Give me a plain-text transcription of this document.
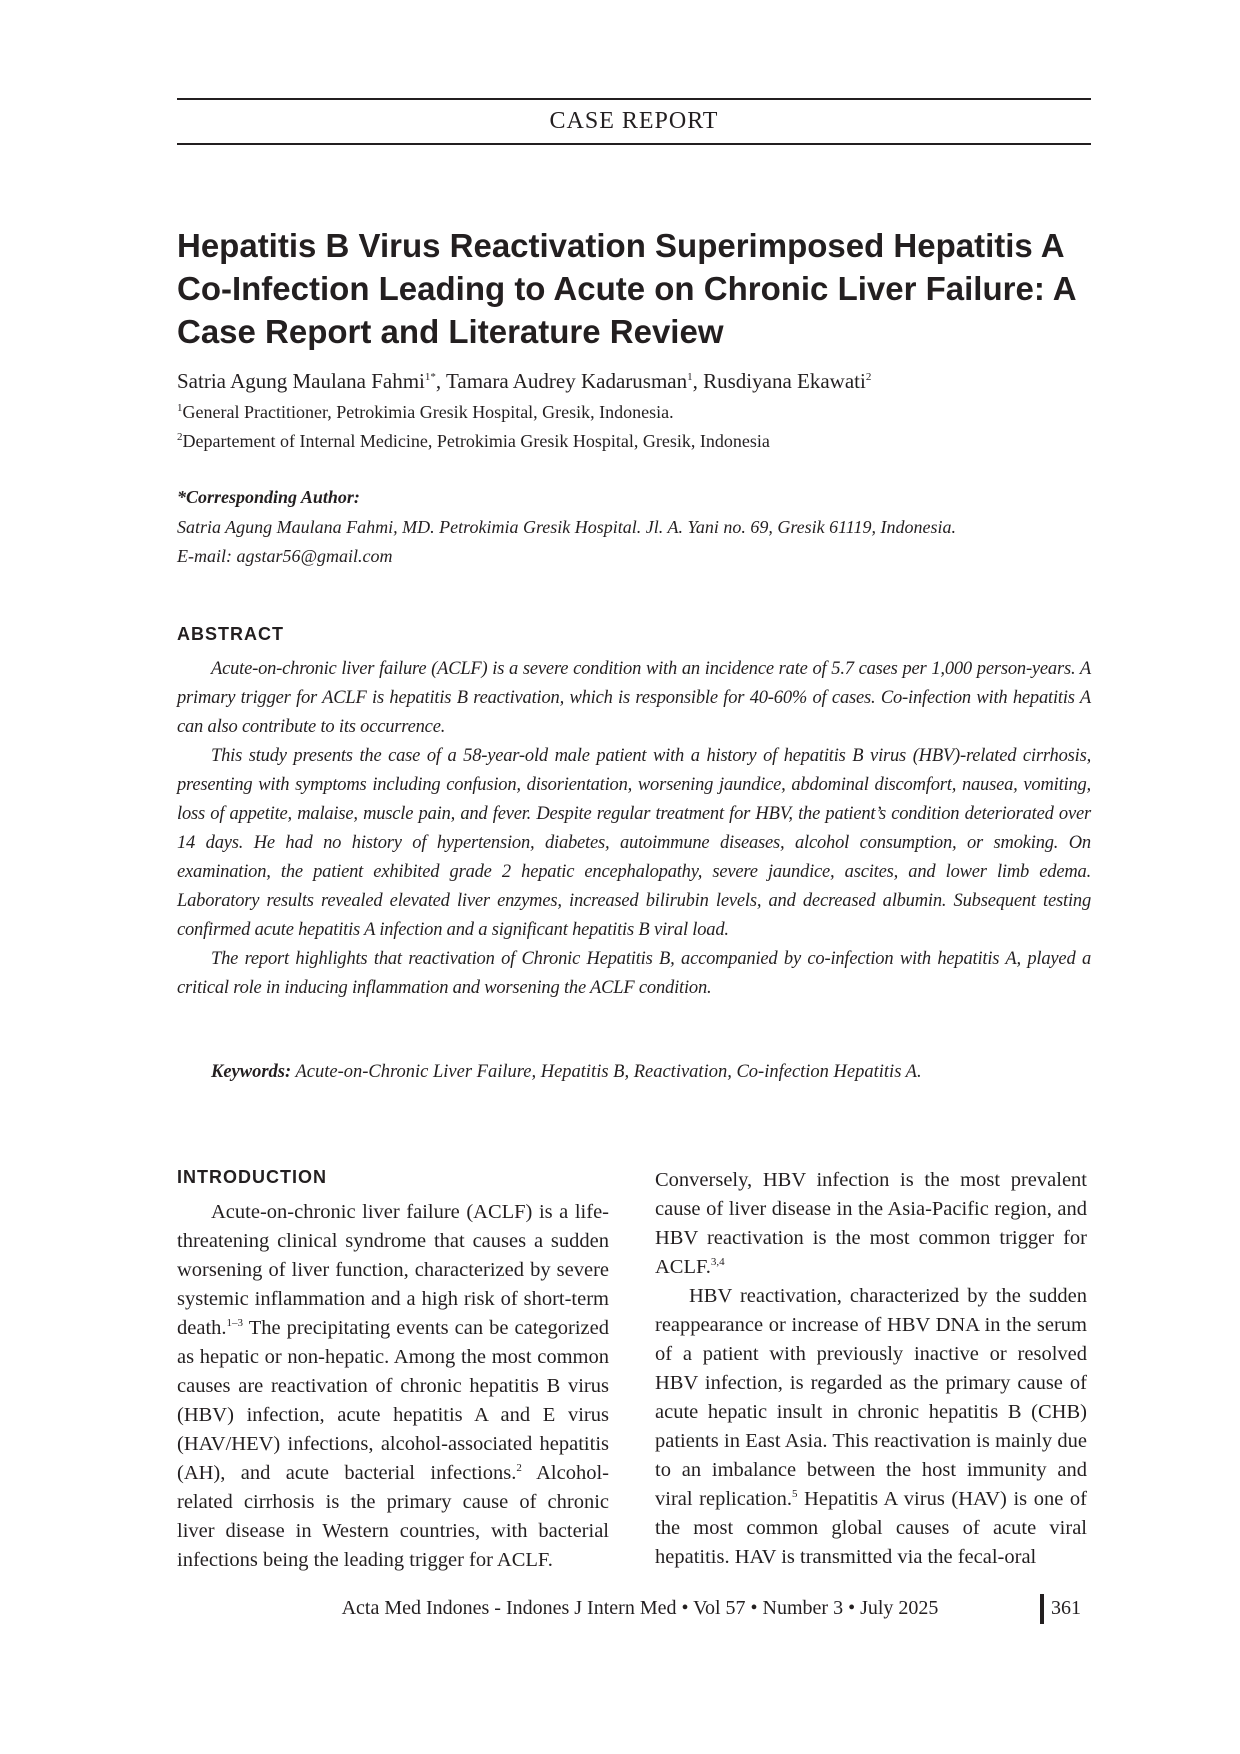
CASE REPORT
Hepatitis B Virus Reactivation Superimposed Hepatitis A Co-Infection Leading to Acute on Chronic Liver Failure: A Case Report and Literature Review
Satria Agung Maulana Fahmi$^{1*}$, Tamara Audrey Kadarusman$^1$, Rusdiyana Ekawati$^2$
$^1$General Practitioner, Petrokimia Gresik Hospital, Gresik, Indonesia.
$^2$Departement of Internal Medicine, Petrokimia Gresik Hospital, Gresik, Indonesia
*Corresponding Author:
Satria Agung Maulana Fahmi, MD. Petrokimia Gresik Hospital. Jl. A. Yani no. 69, Gresik 61119, Indonesia.
E-mail: agstar56@gmail.com
ABSTRACT

Acute-on-chronic liver failure (ACLF) is a severe condition with an incidence rate of 5.7 cases per 1,000 person-years. A primary trigger for ACLF is hepatitis B reactivation, which is responsible for 40-60% of cases. Co-infection with hepatitis A can also contribute to its occurrence.

This study presents the case of a 58-year-old male patient with a history of hepatitis B virus (HBV)-related cirrhosis, presenting with symptoms including confusion, disorientation, worsening jaundice, abdominal discomfort, nausea, vomiting, loss of appetite, malaise, muscle pain, and fever. Despite regular treatment for HBV, the patient’s condition deteriorated over 14 days. He had no history of hypertension, diabetes, autoimmune diseases, alcohol consumption, or smoking. On examination, the patient exhibited grade 2 hepatic encephalopathy, severe jaundice, ascites, and lower limb edema. Laboratory results revealed elevated liver enzymes, increased bilirubin levels, and decreased albumin. Subsequent testing confirmed acute hepatitis A infection and a significant hepatitis B viral load.

The report highlights that reactivation of Chronic Hepatitis B, accompanied by co-infection with hepatitis A, played a critical role in inducing inflammation and worsening the ACLF condition.

Keywords: Acute-on-Chronic Liver Failure, Hepatitis B, Reactivation, Co-infection Hepatitis A.
INTRODUCTION

Acute-on-chronic liver failure (ACLF) is a life-threatening clinical syndrome that causes a sudden worsening of liver function, characterized by severe systemic inflammation and a high risk of short-term death.$^{1-3}$ The precipitating events can be categorized as hepatic or non-hepatic. Among the most common causes are reactivation of chronic hepatitis B virus (HBV) infection, acute hepatitis A and E virus (HAV/HEV) infections, alcohol-associated hepatitis (AH), and acute bacterial infections.$^2$ Alcohol-related cirrhosis is the primary cause of chronic liver disease in Western countries, with bacterial infections being the leading trigger for ACLF.

Conversely, HBV infection is the most prevalent cause of liver disease in the Asia-Pacific region, and HBV reactivation is the most common trigger for ACLF.$^{3,4}$

HBV reactivation, characterized by the sudden reappearance or increase of HBV DNA in the serum of a patient with previously inactive or resolved HBV infection, is regarded as the primary cause of acute hepatic insult in chronic hepatitis B (CHB) patients in East Asia. This reactivation is mainly due to an imbalance between the host immunity and viral replication.$^5$ Hepatitis A virus (HAV) is one of the most common global causes of acute viral hepatitis. HAV is transmitted via the fecal-oral

Acta Med Indones - Indones J Intern Med • Vol 57 • Number 3 • July 2025	361
